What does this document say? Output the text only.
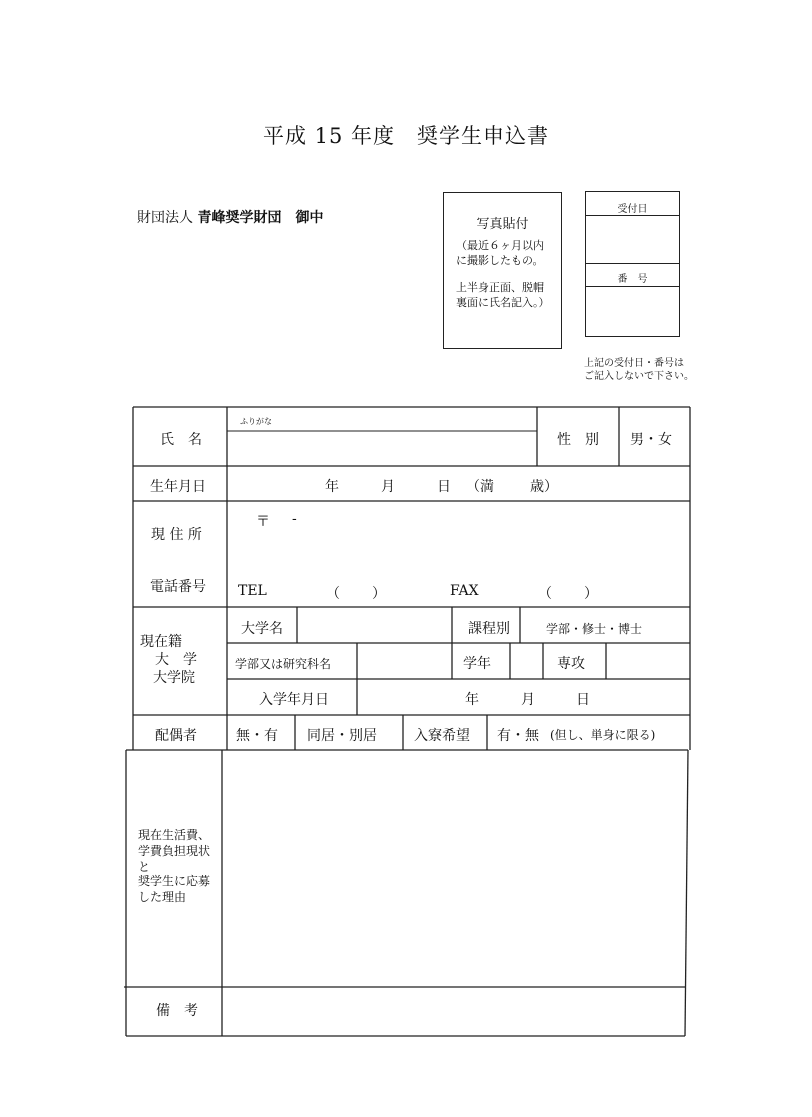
平成 15 年度　奨学生申込書
財団法人 青峰奨学財団　御中	写真貼付
（最近６ヶ月以内
に撮影したもの。
上半身正面、脱帽
裏面に氏名記入。）
受付日
番　号
上記の受付日・番号は
ご記入しないで下さい。
ふりがな
氏　名	性　別 男・女
生年月日	年	月	日 （満	歳）
現 住 所
〒 -
電話番号 TEL	（ ）	FAX	（ ）
現在籍
大　学
大学院
大学名	課程別	学部・修士・博士
学部又は研究科名	学年	専攻
入学年月日	年	月	日
配偶者	無・有 同居・別居	入寮希望 有・無 (但し、単身に限る)
現在生活費、
学費負担現状
と
奨学生に応募
した理由
備　考
